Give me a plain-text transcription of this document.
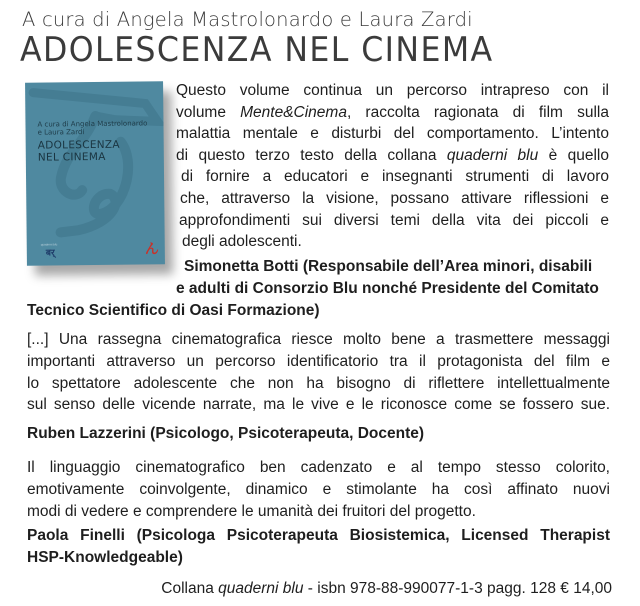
A cura di Angela Mastrolonardo e Laura Zardi
ADOLESCENZA NEL CINEMA
A cura di Angela Mastrolonardo
e Laura Zardi
ADOLESCENZA
NEL CINEMA
quaderni blu
बर्	ん
Questo volume continua un percorso intrapreso con il
volume Mente&Cinema, raccolta ragionata di film sulla
malattia mentale e disturbi del comportamento. L’intento
di questo terzo testo della collana quaderni blu è quello
di fornire a educatori e insegnanti strumenti di lavoro
che, attraverso la visione, possano attivare riflessioni e
approfondimenti sui diversi temi della vita dei piccoli e
degli adolescenti.
Simonetta Botti (Responsabile dell’Area minori, disabili
e adulti di Consorzio Blu nonché Presidente del Comitato
Tecnico Scientifico di Oasi Formazione)
[...] Una rassegna cinematografica riesce molto bene a trasmettere messaggi
importanti attraverso un percorso identificatorio tra il protagonista del film e
lo spettatore adolescente che non ha bisogno di riflettere intellettualmente
sul senso delle vicende narrate, ma le vive e le riconosce come se fossero sue.
Ruben Lazzerini (Psicologo, Psicoterapeuta, Docente)
Il linguaggio cinematografico ben cadenzato e al tempo stesso colorito,
emotivamente coinvolgente, dinamico e stimolante ha così affinato nuovi
modi di vedere e comprendere le umanità dei fruitori del progetto.
Paola Finelli (Psicologa Psicoterapeuta Biosistemica, Licensed Therapist
HSP-Knowledgeable)
Collana quaderni blu - isbn 978-88-990077-1-3 pagg. 128 € 14,00
